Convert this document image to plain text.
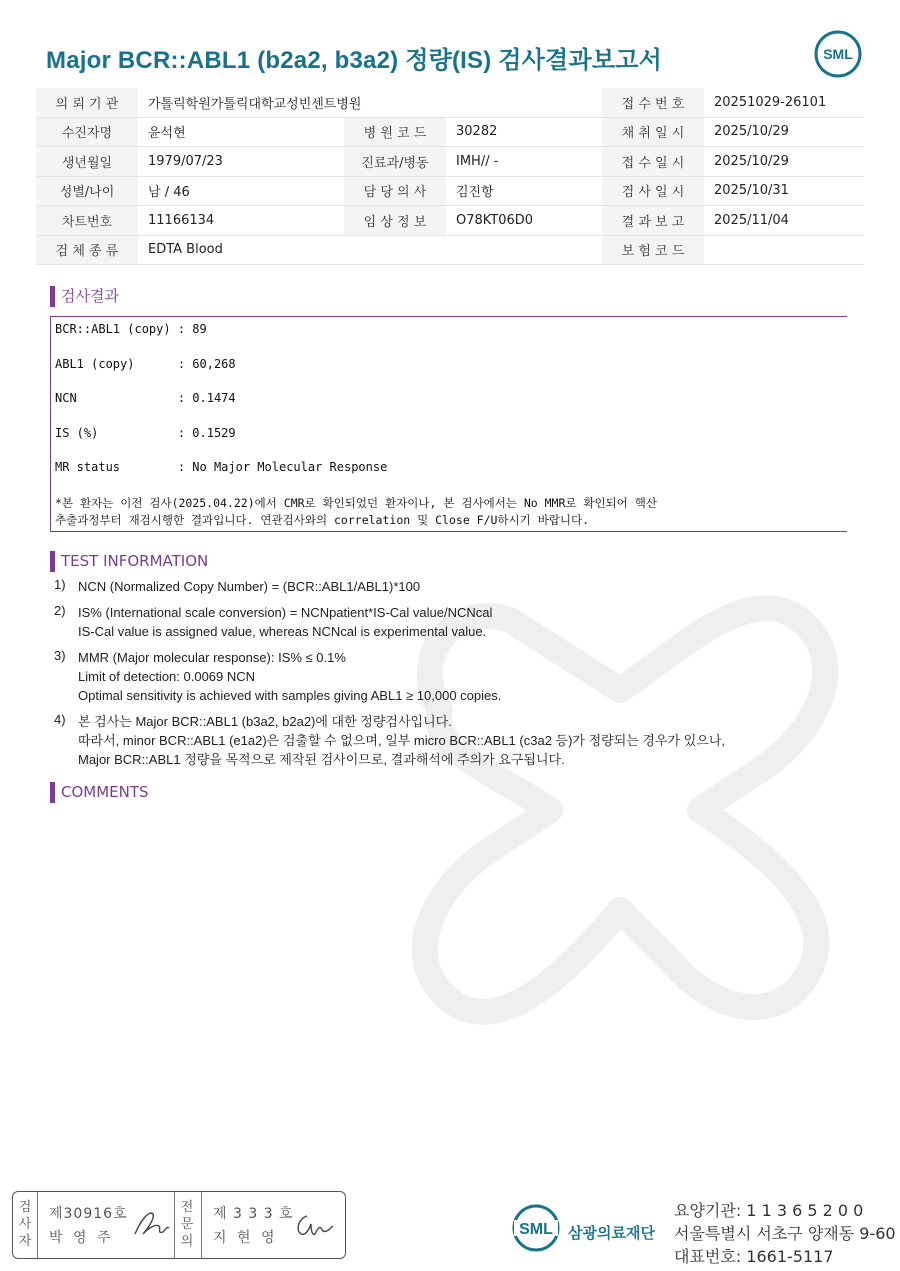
Major BCR::ABL1 (b2a2, b3a2) 정량(IS) 검사결과보고서	SML
의 뢰 기 관	가톨릭학원가톨릭대학교성빈센트병원			접 수 번 호	20251029-26101
수진자명	윤석현	병 원 코 드	30282	채 취 일 시	2025/10/29
생년월일	1979/07/23	진료과/병동	IMH// -	접 수 일 시	2025/10/29
성별/나이	남 / 46	담 당 의 사	김진항	검 사 일 시	2025/10/31
차트번호	11166134	임 상 정 보	O78KT06D0	결 과 보 고	2025/11/04
검 체 종 류	EDTA Blood			보 험 코 드	
검사결과
BCR::ABL1 (copy) : 89
ABL1 (copy)      : 60,268
NCN              : 0.1474
IS (%)           : 0.1529
MR status        : No Major Molecular Response
*본 환자는 이전 검사(2025.04.22)에서 CMR로 확인되었던 환자이나, 본 검사에서는 No MMR로 확인되어 핵산
추출과정부터 재검시행한 결과입니다. 연관검사와의 correlation 및 Close F/U하시기 바랍니다.
TEST INFORMATION
1) NCN (Normalized Copy Number) = (BCR::ABL1/ABL1)*100
2) IS% (International scale conversion) = NCNpatient*IS-Cal value/NCNcal
IS-Cal value is assigned value, whereas NCNcal is experimental value.
3) MMR (Major molecular response): IS% ≤ 0.1%
Limit of detection: 0.0069 NCN
Optimal sensitivity is achieved with samples giving ABL1 ≥ 10,000 copies.
4) 본 검사는 Major BCR::ABL1 (b3a2, b2a2)에 대한 정량검사입니다.
따라서, minor BCR::ABL1 (e1a2)은 검출할 수 없으며, 일부 micro BCR::ABL1 (c3a2 등)가 정량되는 경우가 있으나,
Major BCR::ABL1 정량을 목적으로 제작된 검사이므로, 결과해석에 주의가 요구됩니다.
COMMENTS
검사자
제30916호
박 영 주
전문의
제 3 3 3 호
지 현 영	SML 삼광의료재단
요양기관: 1 1 3 6 5 2 0 0
서울특별시 서초구 양재동 9-60
대표번호: 1661-5117
